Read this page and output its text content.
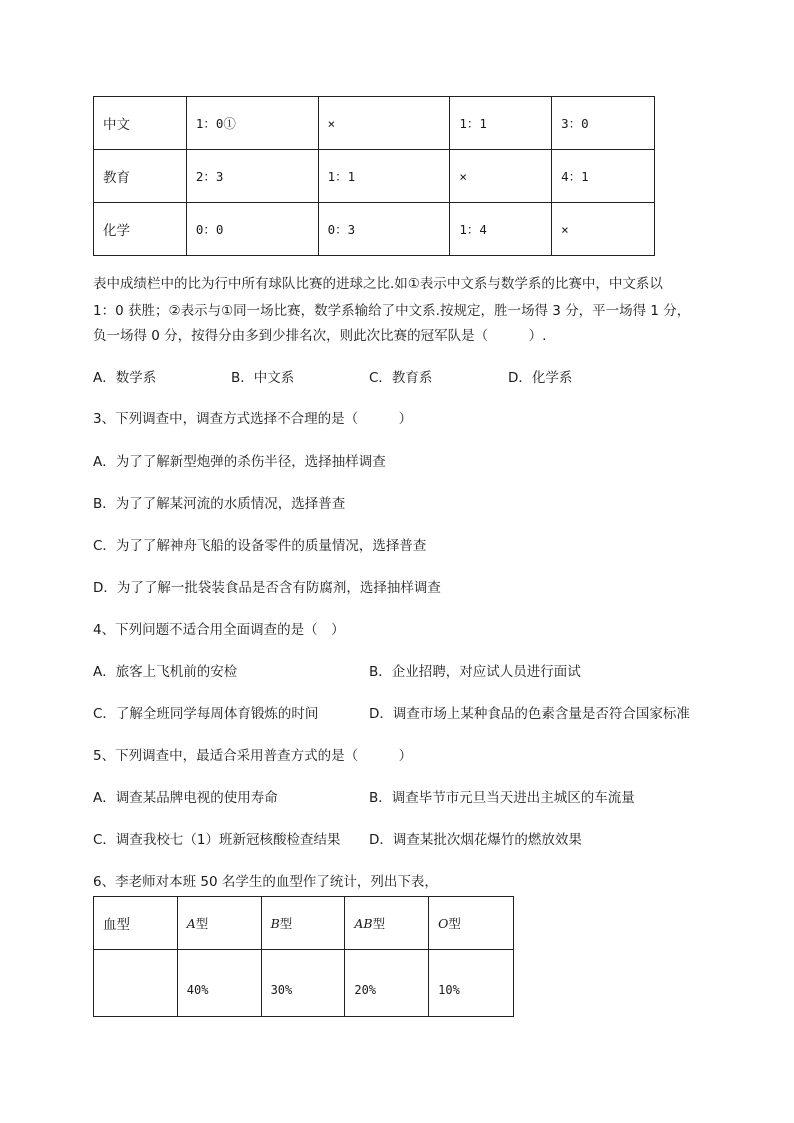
中文	1：0①	×	1：1	3：0
教育	2：3	1：1	×	4：1
化学	0：0	0：3	1：4	×
表中成绩栏中的比为行中所有球队比赛的进球之比.如①表示中文系与数学系的比赛中，中文系以
1：0 获胜；②表示与①同一场比赛，数学系输给了中文系.按规定，胜一场得 3 分，平一场得 1 分，
负一场得 0 分，按得分由多到少排名次，则此次比赛的冠军队是（　　　）.
A．数学系	B．中文系	C．教育系	D．化学系
3、下列调查中，调查方式选择不合理的是（　　　）
A．为了了解新型炮弹的杀伤半径，选择抽样调查
B．为了了解某河流的水质情况，选择普查
C．为了了解神舟飞船的设备零件的质量情况，选择普查
D．为了了解一批袋装食品是否含有防腐剂，选择抽样调查
4、下列问题不适合用全面调查的是（　）
A．旅客上飞机前的安检	B．企业招聘，对应试人员进行面试
C．了解全班同学每周体育锻炼的时间	D．调查市场上某种食品的色素含量是否符合国家标准
5、下列调查中，最适合采用普查方式的是（　　　）
A．调查某品牌电视的使用寿命	B．调查毕节市元旦当天进出主城区的车流量
C．调查我校七（1）班新冠核酸检查结果 D．调查某批次烟花爆竹的燃放效果
6、李老师对本班 50 名学生的血型作了统计，列出下表，
血型	A型	B型	AB型	O型
	40%	30%	20%	10%
